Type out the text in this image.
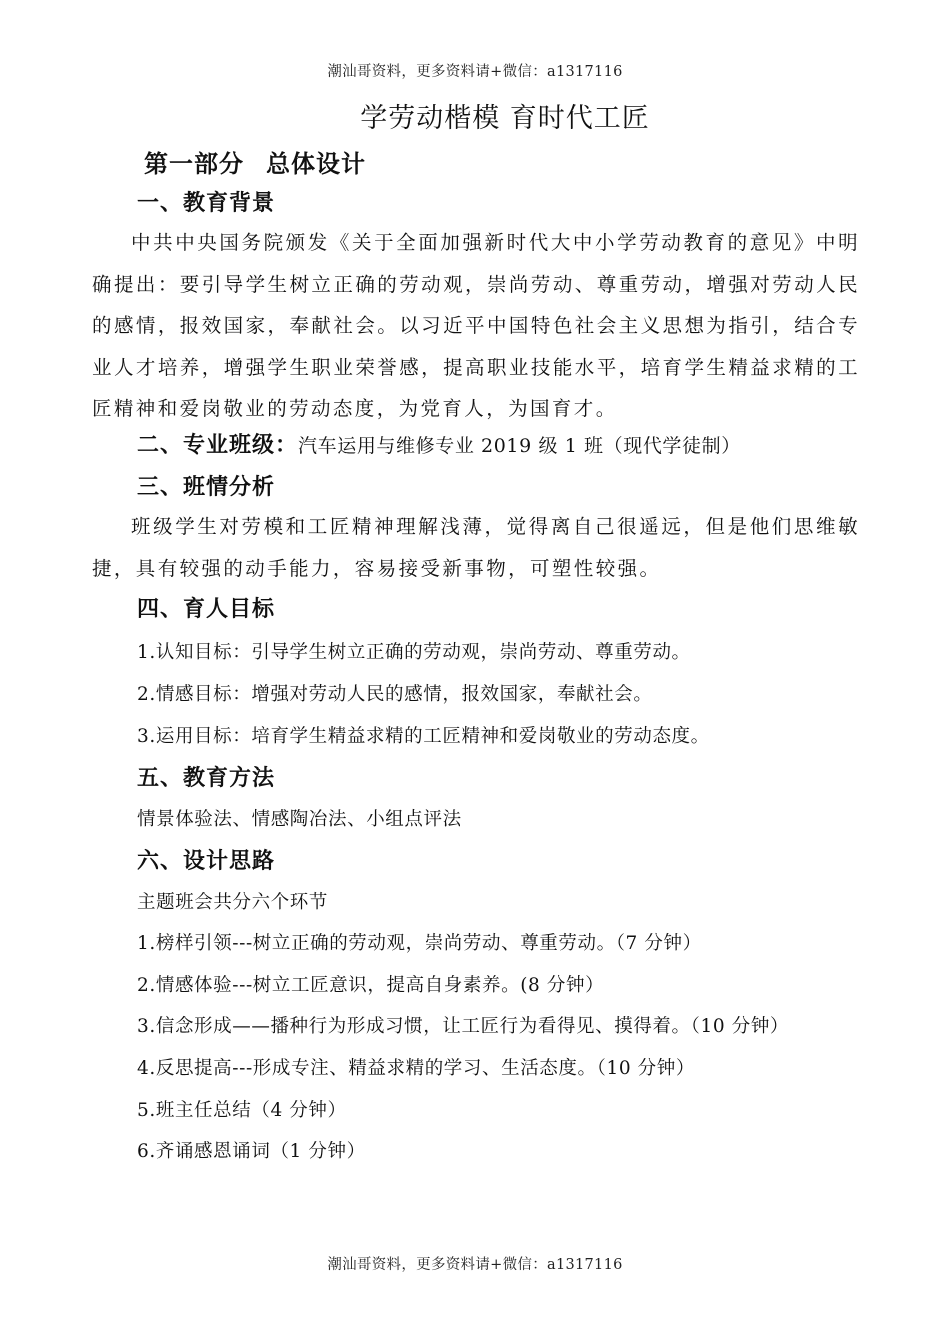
潮汕哥资料，更多资料请+微信：a1317116
学劳动楷模 育时代工匠
第一部分 总体设计
一、教育背景
中共中央国务院颁发《关于全面加强新时代大中小学劳动教育的意见》中明确提出：要引导学生树立正确的劳动观，崇尚劳动、尊重劳动，增强对劳动人民的感情，报效国家，奉献社会。以习近平中国特色社会主义思想为指引，结合专业人才培养，增强学生职业荣誉感，提高职业技能水平，培育学生精益求精的工匠精神和爱岗敬业的劳动态度，为党育人，为国育才。
二、专业班级：汽车运用与维修专业 2019 级 1 班（现代学徒制）
三、班情分析
班级学生对劳模和工匠精神理解浅薄，觉得离自己很遥远，但是他们思维敏捷，具有较强的动手能力，容易接受新事物，可塑性较强。
四、育人目标
1.认知目标：引导学生树立正确的劳动观，崇尚劳动、尊重劳动。
2.情感目标：增强对劳动人民的感情，报效国家，奉献社会。
3.运用目标：培育学生精益求精的工匠精神和爱岗敬业的劳动态度。
五、教育方法
情景体验法、情感陶冶法、小组点评法
六、设计思路
主题班会共分六个环节
1.榜样引领---树立正确的劳动观，崇尚劳动、尊重劳动。（7 分钟）
2.情感体验---树立工匠意识，提高自身素养。(8 分钟）
3.信念形成——播种行为形成习惯，让工匠行为看得见、摸得着。（10 分钟）
4.反思提高---形成专注、精益求精的学习、生活态度。（10 分钟）
5.班主任总结（4 分钟）
6.齐诵感恩诵词（1 分钟）
潮汕哥资料，更多资料请+微信：a1317116
